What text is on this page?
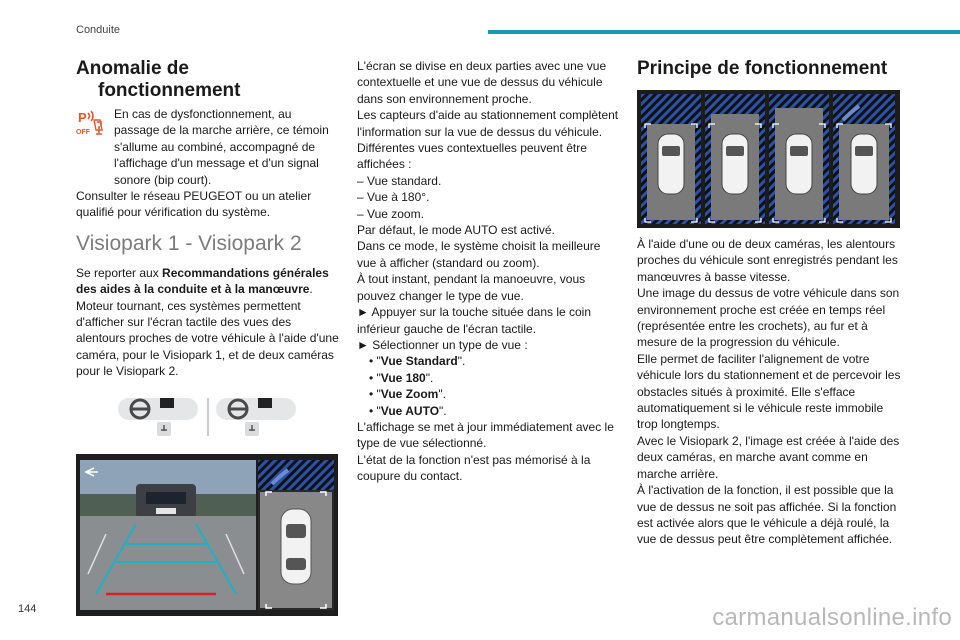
Conduite
Anomalie de
fonctionnement
P
OFF

En cas de dysfonctionnement, au passage de la marche arrière, ce témoin s'allume au combiné, accompagné de l'affichage d'un message et d'un signal sonore (bip court).

Consulter le réseau PEUGEOT ou un atelier qualifié pour vérification du système.

Visiopark 1 - Visiopark 2

Se reporter aux Recommandations générales des aides à la conduite et à la manœuvre.

Moteur tournant, ces systèmes permettent d'afficher sur l'écran tactile des vues des alentours proches de votre véhicule à l'aide d'une caméra, pour le Visiopark 1, et de deux caméras pour le Visiopark 2.

L'écran se divise en deux parties avec une vue contextuelle et une vue de dessus du véhicule dans son environnement proche.

Les capteurs d'aide au stationnement complètent l'information sur la vue de dessus du véhicule.

Différentes vues contextuelles peuvent être affichées :

– Vue standard.

– Vue à 180°.

– Vue zoom.

Par défaut, le mode AUTO est activé.

Dans ce mode, le système choisit la meilleure vue à afficher (standard ou zoom).

À tout instant, pendant la manoeuvre, vous pouvez changer le type de vue.

► Appuyer sur la touche située dans le coin inférieur gauche de l'écran tactile.

► Sélectionner un type de vue :

• "Vue Standard".

• "Vue 180".

• "Vue Zoom".

• "Vue AUTO".

L'affichage se met à jour immédiatement avec le type de vue sélectionné.

L'état de la fonction n'est pas mémorisé à la coupure du contact.

Principe de fonctionnement

À l'aide d'une ou de deux caméras, les alentours proches du véhicule sont enregistrés pendant les manœuvres à basse vitesse.

Une image du dessus de votre véhicule dans son environnement proche est créée en temps réel (représentée entre les crochets), au fur et à mesure de la progression du véhicule.

Elle permet de faciliter l'alignement de votre véhicule lors du stationnement et de percevoir les obstacles situés à proximité. Elle s'efface automatiquement si le véhicule reste immobile trop longtemps.

Avec le Visiopark 2, l'image est créée à l'aide des deux caméras, en marche avant comme en marche arrière.

À l'activation de la fonction, il est possible que la vue de dessus ne soit pas affichée. Si la fonction est activée alors que le véhicule a déjà roulé, la vue de dessus peut être complètement affichée.

144	carmanualsonline.info
